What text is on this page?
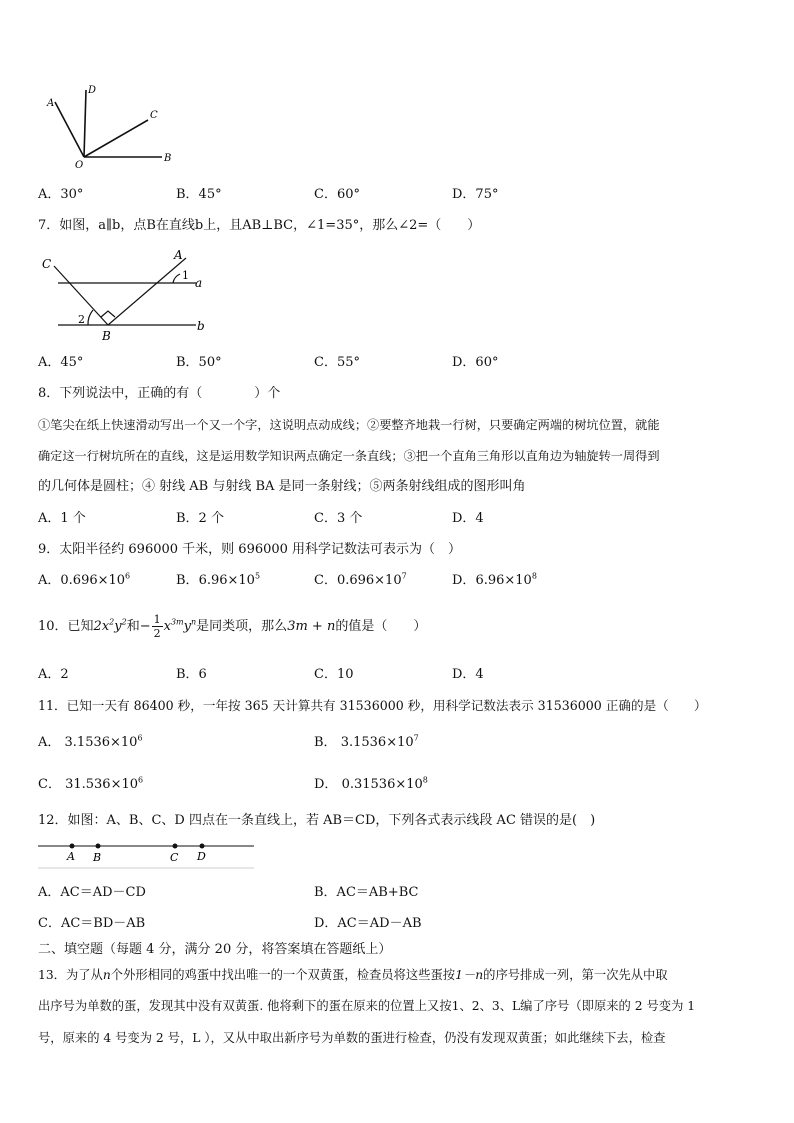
A
D
C
O
B
A．30°	B．45°	C．60°	D．75°
7．如图，a∥b，点B在直线b上，且AB⊥BC，∠1=35°，那么∠2=（　　）
C
A
1
a
2
B
b
A．45°	B．50°	C．55°	D．60°
8．下列说法中，正确的有（　　　　）个
①笔尖在纸上快速滑动写出一个又一个字，这说明点动成线；②要整齐地栽一行树，只要确定两端的树坑位置，就能
确定这一行树坑所在的直线，这是运用数学知识两点确定一条直线；③把一个直角三角形以直角边为轴旋转一周得到
的几何体是圆柱；④ 射线 AB 与射线 BA 是同一条射线；⑤两条射线组成的图形叫角
A．1 个	B．2 个	C．3 个	D．4
9．太阳半径约 696000 千米，则 696000 用科学记数法可表示为（　）
A．$0.696\times 10^6$	B．$6.96\times 10^5$	C．$0.696\times 10^7$	D．$6.96\times 10^8$
10．已知$2x^2y^2$和− $\frac{1}{2} x^{3m}y^n$是同类项，那么3m + n的值是（　　）
A．2	B．6	C．10	D．4
11．已知一天有 86400 秒，一年按 365 天计算共有 31536000 秒，用科学记数法表示 31536000 正确的是（　　）
A． $3.1536\times 10^6$	B． $3.1536\times 10^7$
C． $31.536\times 10^6$	D． $0.31536\times 10^8$
12．如图：A、B、C、D 四点在一条直线上，若 AB＝CD，下列各式表示线段 AC 错误的是(　)
A B	C D
A．AC＝AD－CD	B．AC＝AB+BC
C．AC＝BD－AB	D．AC＝AD－AB
二、填空题（每题 4 分，满分 20 分，将答案填在答题纸上）
13．为了从n个外形相同的鸡蛋中找出唯一的一个双黄蛋，检查员将这些蛋按1－n的序号排成一列，第一次先从中取
出序号为单数的蛋，发现其中没有双黄蛋. 他将剩下的蛋在原来的位置上又按1、2、3、L编了序号（即原来的 2 号变为 1
号，原来的 4 号变为 2 号，L ），又从中取出新序号为单数的蛋进行检查，仍没有发现双黄蛋；如此继续下去，检查
